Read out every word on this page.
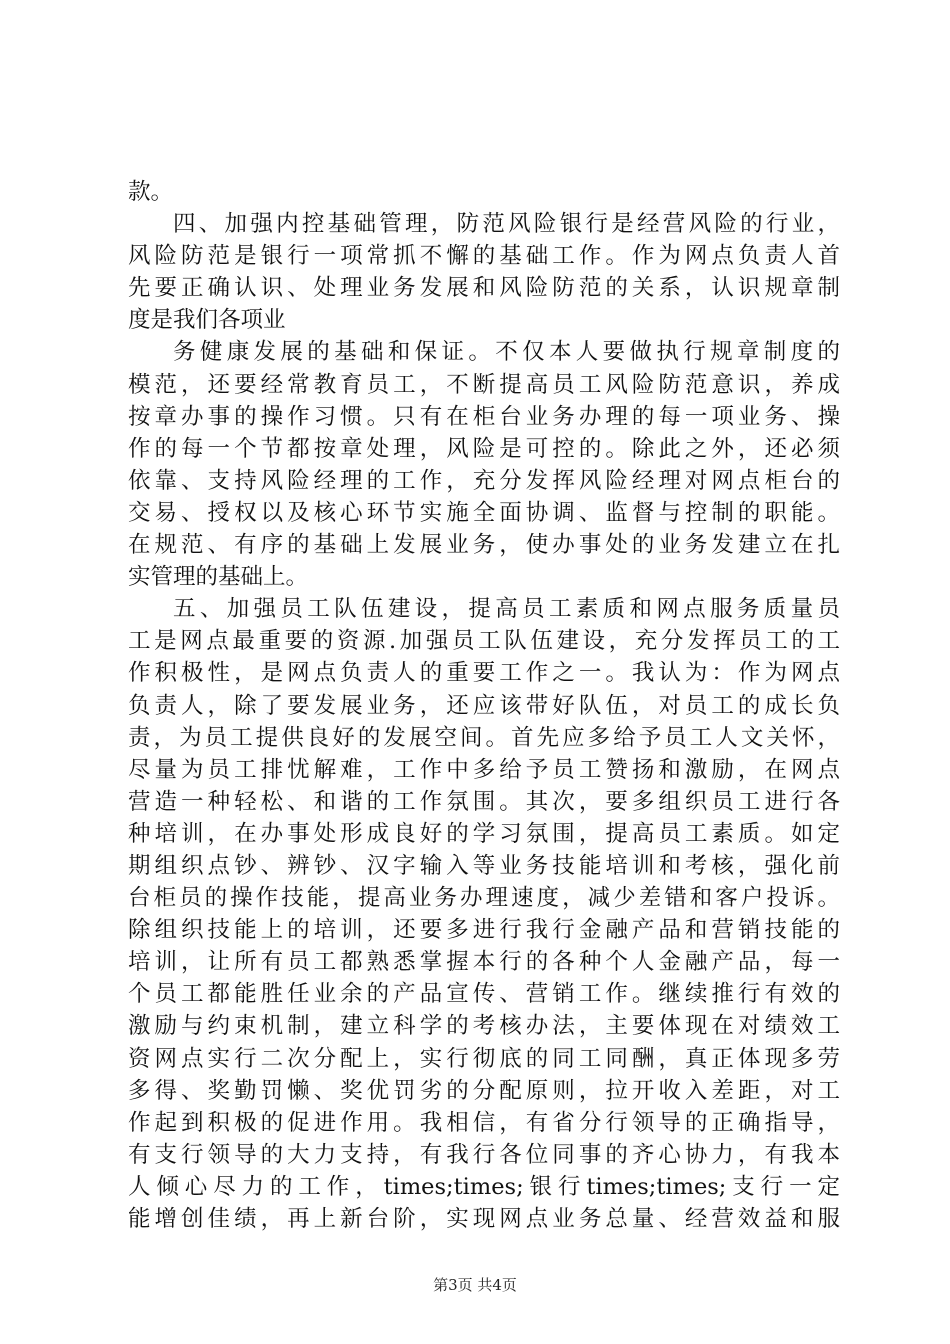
款。
四、加强内控基础管理，防范风险银行是经营风险的行业，
风险防范是银行一项常抓不懈的基础工作。作为网点负责人首
先要正确认识、处理业务发展和风险防范的关系，认识规章制
度是我们各项业
务健康发展的基础和保证。不仅本人要做执行规章制度的
模范，还要经常教育员工，不断提高员工风险防范意识，养成
按章办事的操作习惯。只有在柜台业务办理的每一项业务、操
作的每一个节都按章处理，风险是可控的。除此之外，还必须
依靠、支持风险经理的工作，充分发挥风险经理对网点柜台的
交易、授权以及核心环节实施全面协调、监督与控制的职能。
在规范、有序的基础上发展业务，使办事处的业务发建立在扎
实管理的基础上。
五、加强员工队伍建设，提高员工素质和网点服务质量员
工是网点最重要的资源.加强员工队伍建设，充分发挥员工的工
作积极性，是网点负责人的重要工作之一。我认为：作为网点
负责人，除了要发展业务，还应该带好队伍，对员工的成长负
责，为员工提供良好的发展空间。首先应多给予员工人文关怀，
尽量为员工排忧解难，工作中多给予员工赞扬和激励，在网点
营造一种轻松、和谐的工作氛围。其次，要多组织员工进行各
种培训，在办事处形成良好的学习氛围，提高员工素质。如定
期组织点钞、辨钞、汉字输入等业务技能培训和考核，强化前
台柜员的操作技能，提高业务办理速度，减少差错和客户投诉。
除组织技能上的培训，还要多进行我行金融产品和营销技能的
培训，让所有员工都熟悉掌握本行的各种个人金融产品，每一
个员工都能胜任业余的产品宣传、营销工作。继续推行有效的
激励与约束机制，建立科学的考核办法，主要体现在对绩效工
资网点实行二次分配上，实行彻底的同工同酬，真正体现多劳
多得、奖勤罚懒、奖优罚劣的分配原则，拉开收入差距，对工
作起到积极的促进作用。我相信，有省分行领导的正确指导，
有支行领导的大力支持，有我行各位同事的齐心协力，有我本
人倾心尽力的工作，times;times;银行times;times;支行一定
能增创佳绩，再上新台阶，实现网点业务总量、经营效益和服
第3页 共4页
